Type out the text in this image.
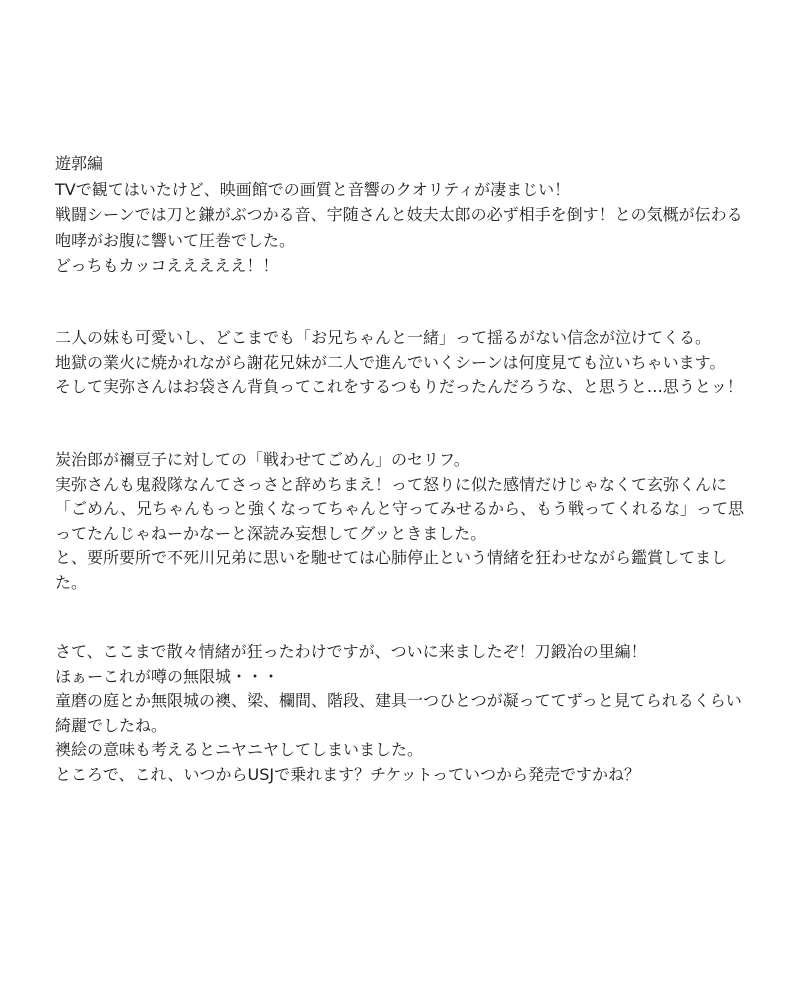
遊郭編
TVで観てはいたけど、映画館での画質と音響のクオリティが凄まじい！
戦闘シーンでは刀と鎌がぶつかる音、宇随さんと妓夫太郎の必ず相手を倒す！との気概が伝わる
咆哮がお腹に響いて圧巻でした。
どっちもカッコえええええ！！
二人の妹も可愛いし、どこまでも「お兄ちゃんと一緒」って揺るがない信念が泣けてくる。
地獄の業火に焼かれながら謝花兄妹が二人で進んでいくシーンは何度見ても泣いちゃいます。
そして実弥さんはお袋さん背負ってこれをするつもりだったんだろうな、と思うと…思うとッ！
炭治郎が禰豆子に対しての「戦わせてごめん」のセリフ。
実弥さんも鬼殺隊なんてさっさと辞めちまえ！って怒りに似た感情だけじゃなくて玄弥くんに
「ごめん、兄ちゃんもっと強くなってちゃんと守ってみせるから、もう戦ってくれるな」って思
ってたんじゃねーかなーと深読み妄想してグッときました。
と、要所要所で不死川兄弟に思いを馳せては心肺停止という情緒を狂わせながら鑑賞してまし
た。
さて、ここまで散々情緒が狂ったわけですが、ついに来ましたぞ！刀鍛冶の里編！
ほぁーこれが噂の無限城・・・
童磨の庭とか無限城の襖、梁、欄間、階段、建具一つひとつが凝っててずっと見てられるくらい
綺麗でしたね。
襖絵の意味も考えるとニヤニヤしてしまいました。
ところで、これ、いつからUSJで乗れます？チケットっていつから発売ですかね？
